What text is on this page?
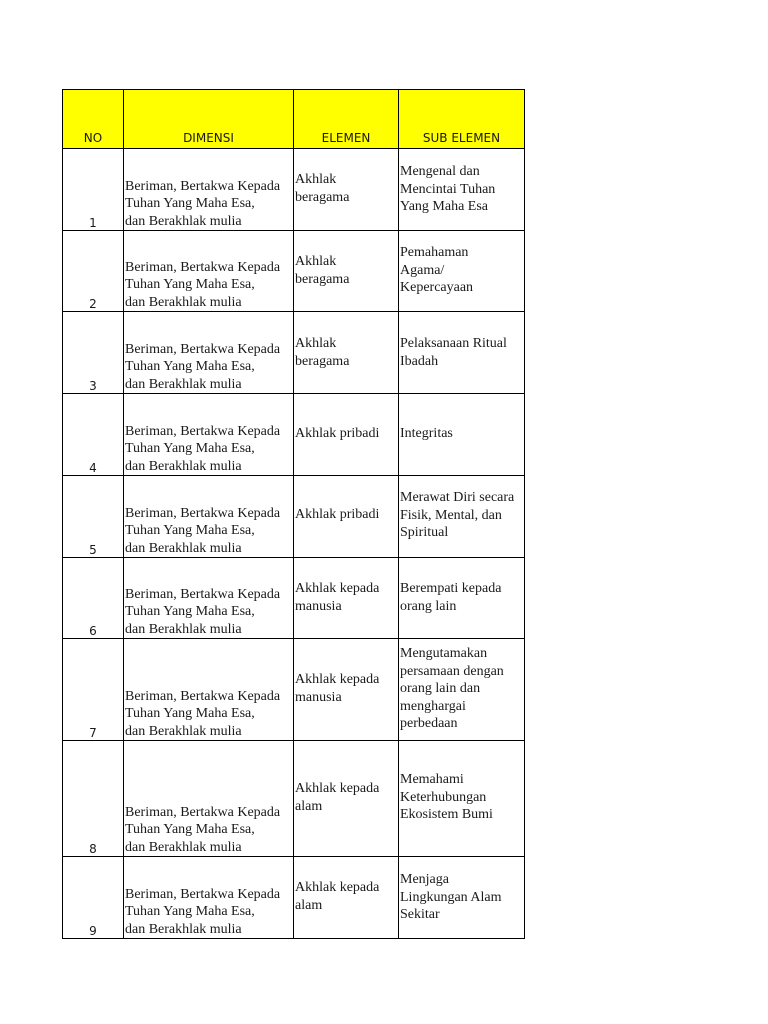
NO	DIMENSI	ELEMEN	SUB ELEMEN
1	Beriman, Bertakwa Kepada
Tuhan Yang Maha Esa,
dan Berakhlak mulia	Akhlak
beragama	Mengenal dan
Mencintai Tuhan
Yang Maha Esa

2	Beriman, Bertakwa Kepada
Tuhan Yang Maha Esa,
dan Berakhlak mulia	Akhlak
beragama	Pemahaman
Agama/
Kepercayaan

3	Beriman, Bertakwa Kepada
Tuhan Yang Maha Esa,
dan Berakhlak mulia	Akhlak
beragama	Pelaksanaan Ritual
Ibadah

4	Beriman, Bertakwa Kepada
Tuhan Yang Maha Esa,
dan Berakhlak mulia	Akhlak pribadi	Integritas

5	Beriman, Bertakwa Kepada
Tuhan Yang Maha Esa,
dan Berakhlak mulia	Akhlak pribadi	Merawat Diri secara
Fisik, Mental, dan
Spiritual

6	Beriman, Bertakwa Kepada
Tuhan Yang Maha Esa,
dan Berakhlak mulia	Akhlak kepada
manusia	Berempati kepada
orang lain

7	Beriman, Bertakwa Kepada
Tuhan Yang Maha Esa,
dan Berakhlak mulia	Akhlak kepada
manusia	Mengutamakan
persamaan dengan
orang lain dan
menghargai
perbedaan

8	Beriman, Bertakwa Kepada
Tuhan Yang Maha Esa,
dan Berakhlak mulia	Akhlak kepada
alam	Memahami
Keterhubungan
Ekosistem Bumi

9	Beriman, Bertakwa Kepada
Tuhan Yang Maha Esa,
dan Berakhlak mulia	Akhlak kepada
alam	Menjaga
Lingkungan Alam
Sekitar
